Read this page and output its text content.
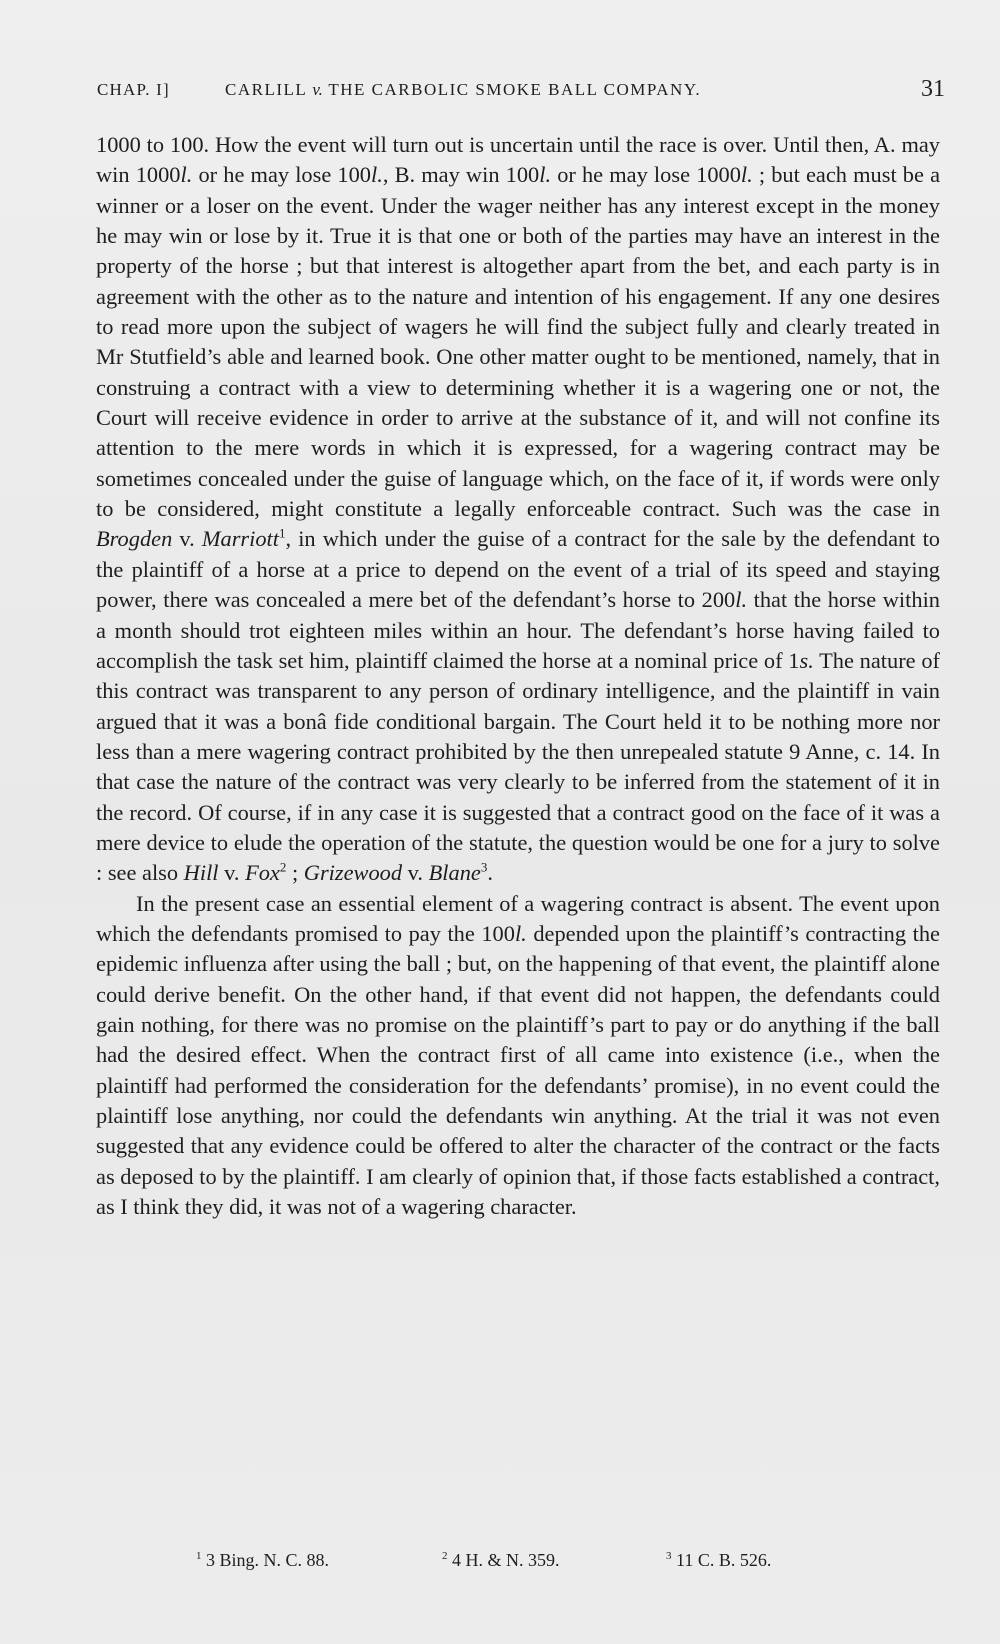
CHAP. I]	CARLILL v. THE CARBOLIC SMOKE BALL COMPANY.	31

1000 to 100. How the event will turn out is uncertain until the race is over. Until then, A. may win 1000l. or he may lose 100l., B. may win 100l. or he may lose 1000l. ; but each must be a winner or a loser on the event. Under the wager neither has any interest except in the money he may win or lose by it. True it is that one or both of the parties may have an interest in the property of the horse ; but that interest is altogether apart from the bet, and each party is in agreement with the other as to the nature and intention of his engagement. If any one desires to read more upon the subject of wagers he will find the subject fully and clearly treated in Mr Stutfield’s able and learned book. One other matter ought to be mentioned, namely, that in construing a contract with a view to determining whether it is a wagering one or not, the Court will receive evidence in order to arrive at the substance of it, and will not confine its attention to the mere words in which it is expressed, for a wagering contract may be sometimes concealed under the guise of language which, on the face of it, if words were only to be considered, might constitute a legally enforceable contract. Such was the case in Brogden v. Marriott$^1$, in which under the guise of a contract for the sale by the defendant to the plaintiff of a horse at a price to depend on the event of a trial of its speed and staying power, there was concealed a mere bet of the defendant’s horse to 200l. that the horse within a month should trot eighteen miles within an hour. The defendant’s horse having failed to accomplish the task set him, plaintiff claimed the horse at a nominal price of 1s. The nature of this contract was transparent to any person of ordinary intelligence, and the plaintiff in vain argued that it was a bonâ fide conditional bargain. The Court held it to be nothing more nor less than a mere wagering contract prohibited by the then unrepealed statute 9 Anne, c. 14. In that case the nature of the contract was very clearly to be inferred from the statement of it in the record. Of course, if in any case it is suggested that a contract good on the face of it was a mere device to elude the operation of the statute, the question would be one for a jury to solve : see also Hill v. Fox$^2$ ; Grizewood v. Blane$^3$.

In the present case an essential element of a wagering contract is absent. The event upon which the defendants promised to pay the 100l. depended upon the plaintiff’s contracting the epidemic influenza after using the ball ; but, on the happening of that event, the plaintiff alone could derive benefit. On the other hand, if that event did not happen, the defendants could gain nothing, for there was no promise on the plaintiff’s part to pay or do anything if the ball had the desired effect. When the contract first of all came into existence (i.e., when the plaintiff had performed the consideration for the defendants’ promise), in no event could the plaintiff lose anything, nor could the defendants win anything. At the trial it was not even suggested that any evidence could be offered to alter the character of the contract or the facts as deposed to by the plaintiff. I am clearly of opinion that, if those facts established a contract, as I think they did, it was not of a wagering character.

$^1$ 3 Bing. N. C. 88.	$^2$ 4 H. & N. 359.	$^3$ 11 C. B. 526.
